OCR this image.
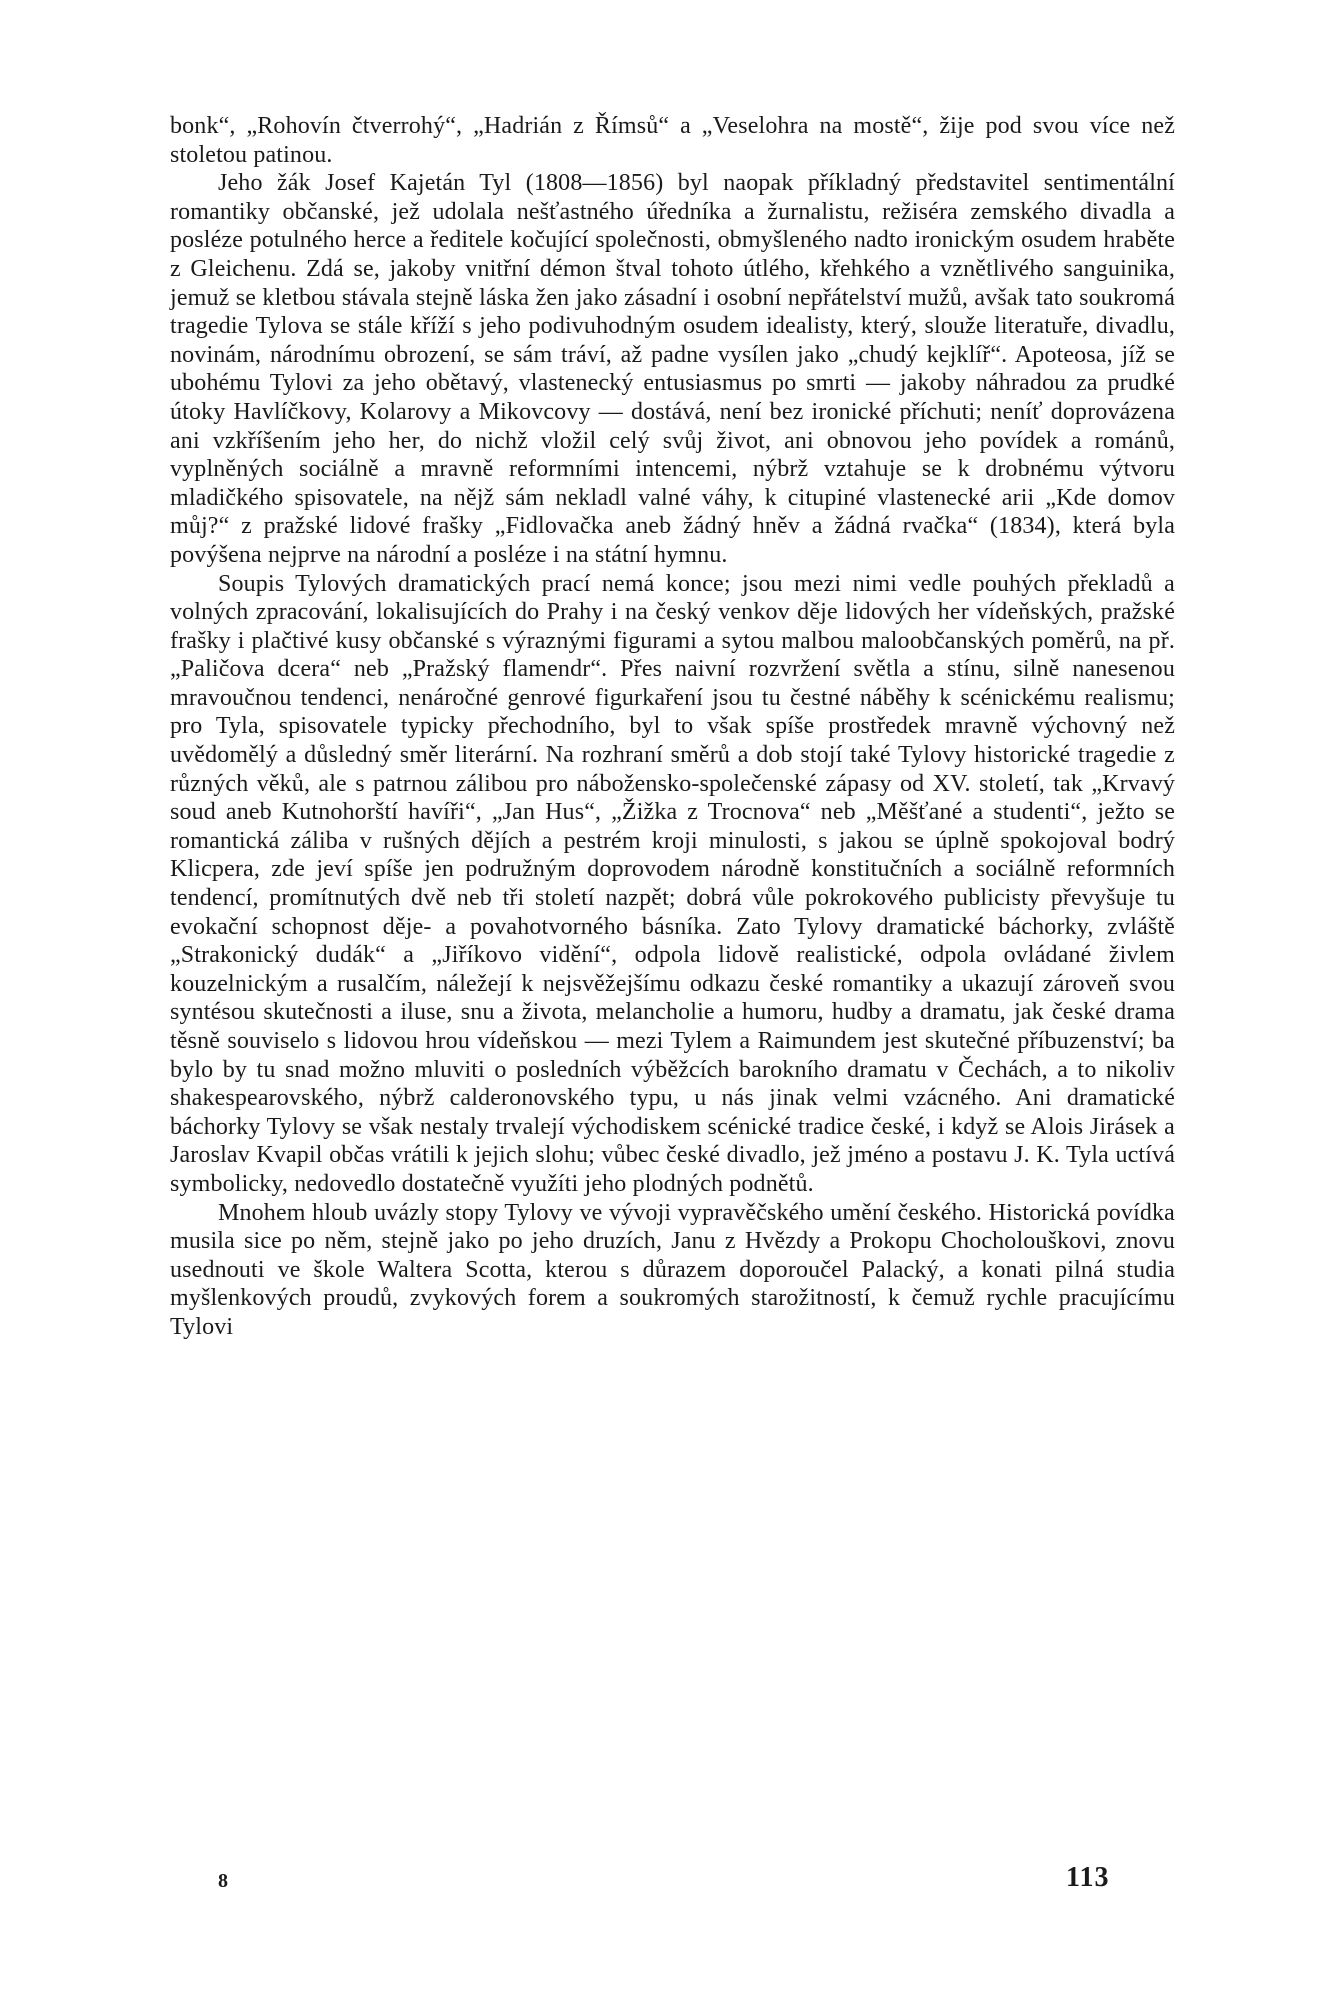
bonk“, „Rohovín čtverrohý“, „Hadrián z Římsů“ a „Veselohra na mostě“, žije pod svou více než stoletou patinou.

Jeho žák Josef Kajetán Tyl (1808—1856) byl naopak příkladný představitel sentimentální romantiky občanské, jež udolala nešťastného úředníka a žurnalistu, režiséra zemského divadla a posléze potulného herce a ředitele kočující společnosti, obmyšleného nadto ironickým osudem hraběte z Gleichenu. Zdá se, jakoby vnitřní démon štval tohoto útlého, křehkého a vznětlivého sanguinika, jemuž se kletbou stávala stejně láska žen jako zásadní i osobní nepřátelství mužů, avšak tato soukromá tragedie Tylova se stále kříží s jeho podivuhodným osudem idealisty, který, slouže literatuře, divadlu, novinám, národnímu obrození, se sám tráví, až padne vysílen jako „chudý kejklíř“. Apoteosa, jíž se ubohému Tylovi za jeho obětavý, vlastenecký entusiasmus po smrti — jakoby náhradou za prudké útoky Havlíčkovy, Kolarovy a Mikovcovy — dostává, není bez ironické příchuti; neníť doprovázena ani vzkříšením jeho her, do nichž vložil celý svůj život, ani obnovou jeho povídek a románů, vyplněných sociálně a mravně reformními intencemi, nýbrž vztahuje se k drobnému výtvoru mladičkého spisovatele, na nějž sám nekladl valné váhy, k citupiné vlastenecké arii „Kde domov můj?“ z pražské lidové frašky „Fidlovačka aneb žádný hněv a žádná rvačka“ (1834), která byla povýšena nejprve na národní a posléze i na státní hymnu.

Soupis Tylových dramatických prací nemá konce; jsou mezi nimi vedle pouhých překladů a volných zpracování, lokalisujících do Prahy i na český venkov děje lidových her vídeňských, pražské frašky i plačtivé kusy občanské s výraznými figurami a sytou malbou maloobčanských poměrů, na př. „Paličova dcera“ neb „Pražský flamendr“. Přes naivní rozvržení světla a stínu, silně nanesenou mravoučnou tendenci, nenáročné genrové figurkaření jsou tu čestné náběhy k scénickému realismu; pro Tyla, spisovatele typicky přechodního, byl to však spíše prostředek mravně výchovný než uvědomělý a důsledný směr literární. Na rozhraní směrů a dob stojí také Tylovy historické tragedie z různých věků, ale s patrnou zálibou pro nábožensko-společenské zápasy od XV. století, tak „Krvavý soud aneb Kutnohorští havíři“, „Jan Hus“, „Žižka z Trocnova“ neb „Měšťané a studenti“, ježto se romantická záliba v rušných dějích a pestrém kroji minulosti, s jakou se úplně spokojoval bodrý Klicpera, zde jeví spíše jen podružným doprovodem národně konstitučních a sociálně reformních tendencí, promítnutých dvě neb tři století nazpět; dobrá vůle pokrokového publicisty převyšuje tu evokační schopnost děje- a povahotvorného básníka. Zato Tylovy dramatické báchorky, zvláště „Strakonický dudák“ a „Jiříkovo vidění“, odpola lidově realistické, odpola ovládané živlem kouzelnickým a rusalčím, náležejí k nejsvěžejšímu odkazu české romantiky a ukazují zároveň svou syntésou skutečnosti a iluse, snu a života, melancholie a humoru, hudby a dramatu, jak české drama těsně souviselo s lidovou hrou vídeňskou — mezi Tylem a Raimundem jest skutečné příbuzenství; ba bylo by tu snad možno mluviti o posledních výběžcích barokního dramatu v Čechách, a to nikoliv shakespearovského, nýbrž calderonovského typu, u nás jinak velmi vzácného. Ani dramatické báchorky Tylovy se však nestaly trvalejí východiskem scénické tradice české, i když se Alois Jirásek a Jaroslav Kvapil občas vrátili k jejich slohu; vůbec české divadlo, jež jméno a postavu J. K. Tyla uctívá symbolicky, nedovedlo dostatečně využíti jeho plodných podnětů.

Mnohem hloub uvázly stopy Tylovy ve vývoji vypravěčského umění českého. Historická povídka musila sice po něm, stejně jako po jeho druzích, Janu z Hvězdy a Prokopu Chocholouškovi, znovu usednouti ve škole Waltera Scotta, kterou s důrazem doporoučel Palacký, a konati pilná studia myšlenkových proudů, zvykových forem a soukromých starožitností, k čemuž rychle pracujícímu Tylovi

8	113
